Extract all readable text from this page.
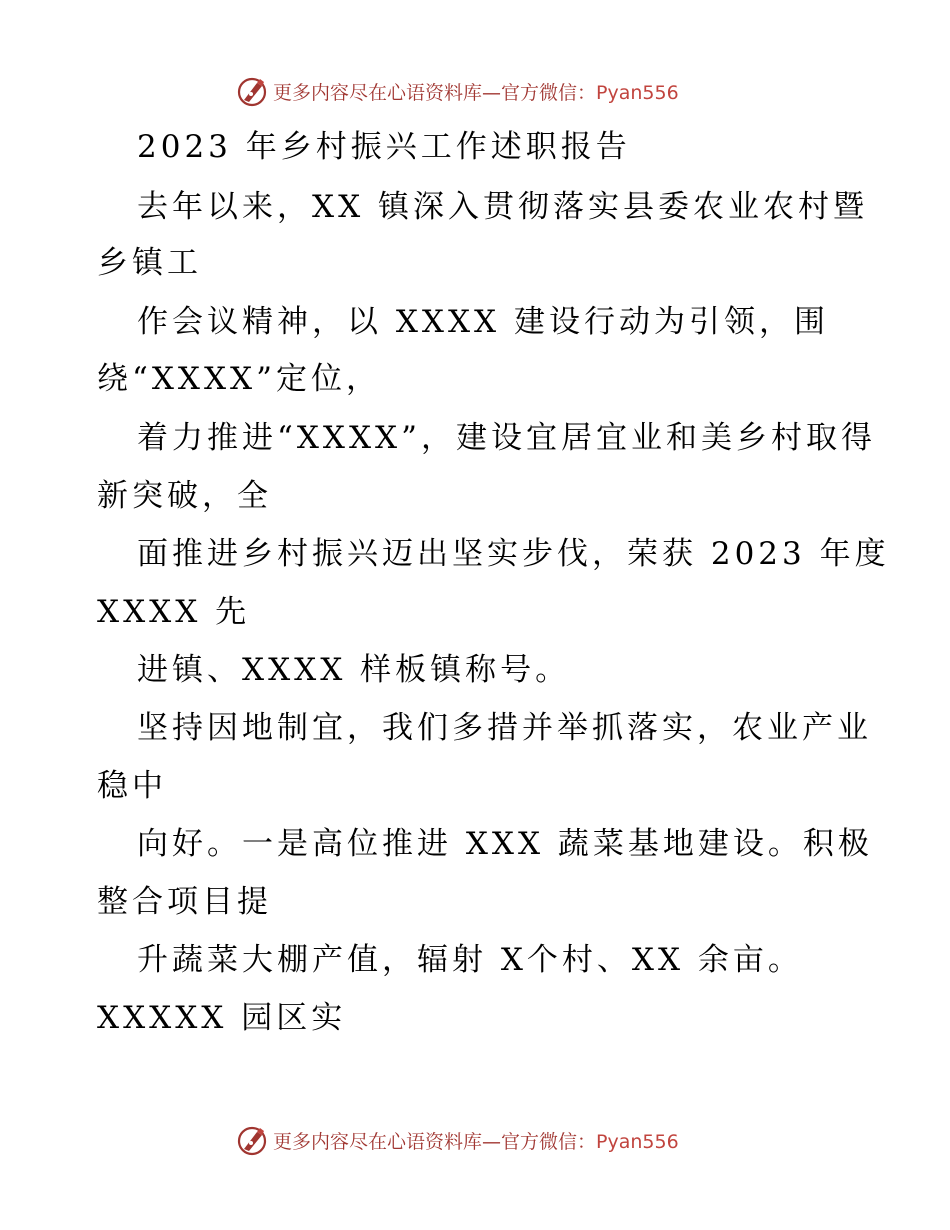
更多内容尽在心语资料库—官方微信：Pyan556
2023 年乡村振兴工作述职报告
去年以来，XX 镇深入贯彻落实县委农业农村暨
乡镇工
作会议精神，以 XXXX 建设行动为引领，围
绕“XXXX”定位，
着力推进“XXXX”，建设宜居宜业和美乡村取得
新突破，全
面推进乡村振兴迈出坚实步伐，荣获 2023 年度
XXXX 先
进镇、XXXX 样板镇称号。
坚持因地制宜，我们多措并举抓落实，农业产业
稳中
向好。一是高位推进 XXX 蔬菜基地建设。积极
整合项目提
升蔬菜大棚产值，辐射 X个村、XX 余亩。
XXXXX 园区实
更多内容尽在心语资料库—官方微信：Pyan556
